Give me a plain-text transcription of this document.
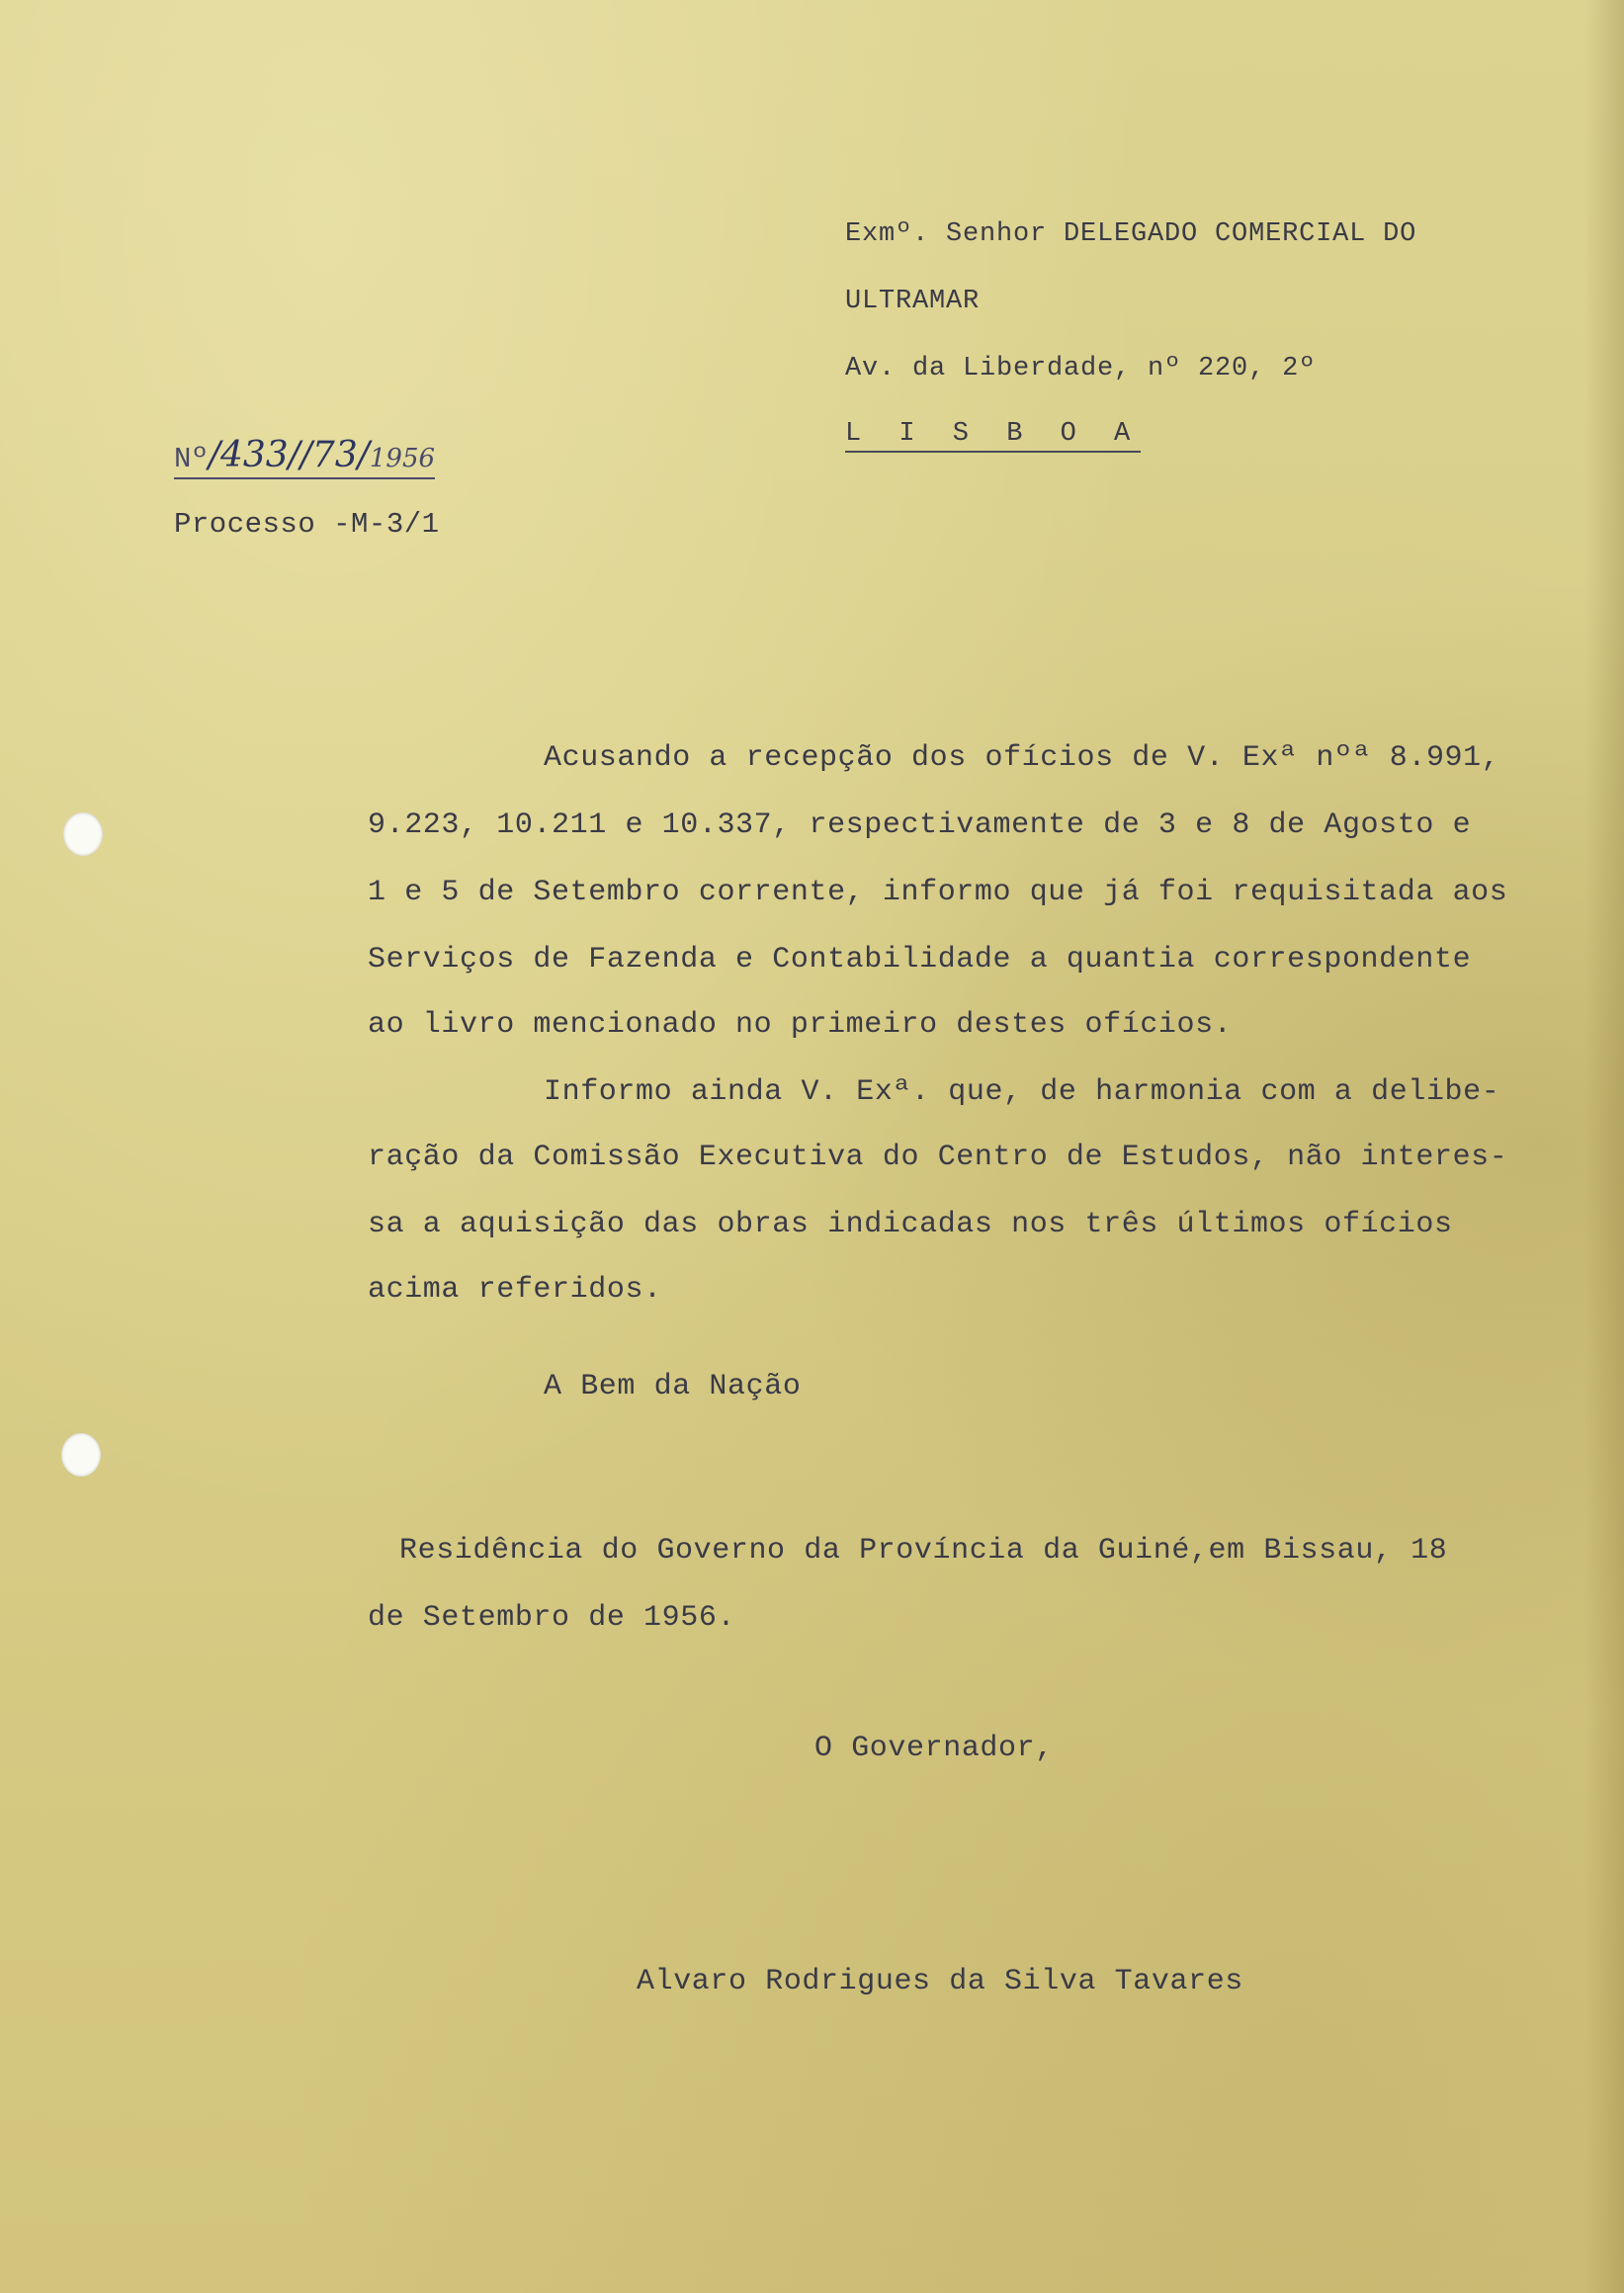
Exmº. Senhor DELEGADO COMERCIAL DO
ULTRAMAR
Av. da Liberdade, nº 220, 2º
L I S B O A
Nº/433//73/1956
Processo -M-3/1
Acusando a recepção dos ofícios de V. Exª nºª 8.991,
9.223, 10.211 e 10.337, respectivamente de 3 e 8 de Agosto e
1 e 5 de Setembro corrente, informo que já foi requisitada aos
Serviços de Fazenda e Contabilidade a quantia correspondente
ao livro mencionado no primeiro destes ofícios.
Informo ainda V. Exª. que, de harmonia com a delibe-
ração da Comissão Executiva do Centro de Estudos, não interes-
sa a aquisição das obras indicadas nos três últimos ofícios
acima referidos.
A Bem da Nação
Residência do Governo da Província da Guiné,em Bissau, 18
de Setembro de 1956.
O Governador,
Alvaro Rodrigues da Silva Tavares
